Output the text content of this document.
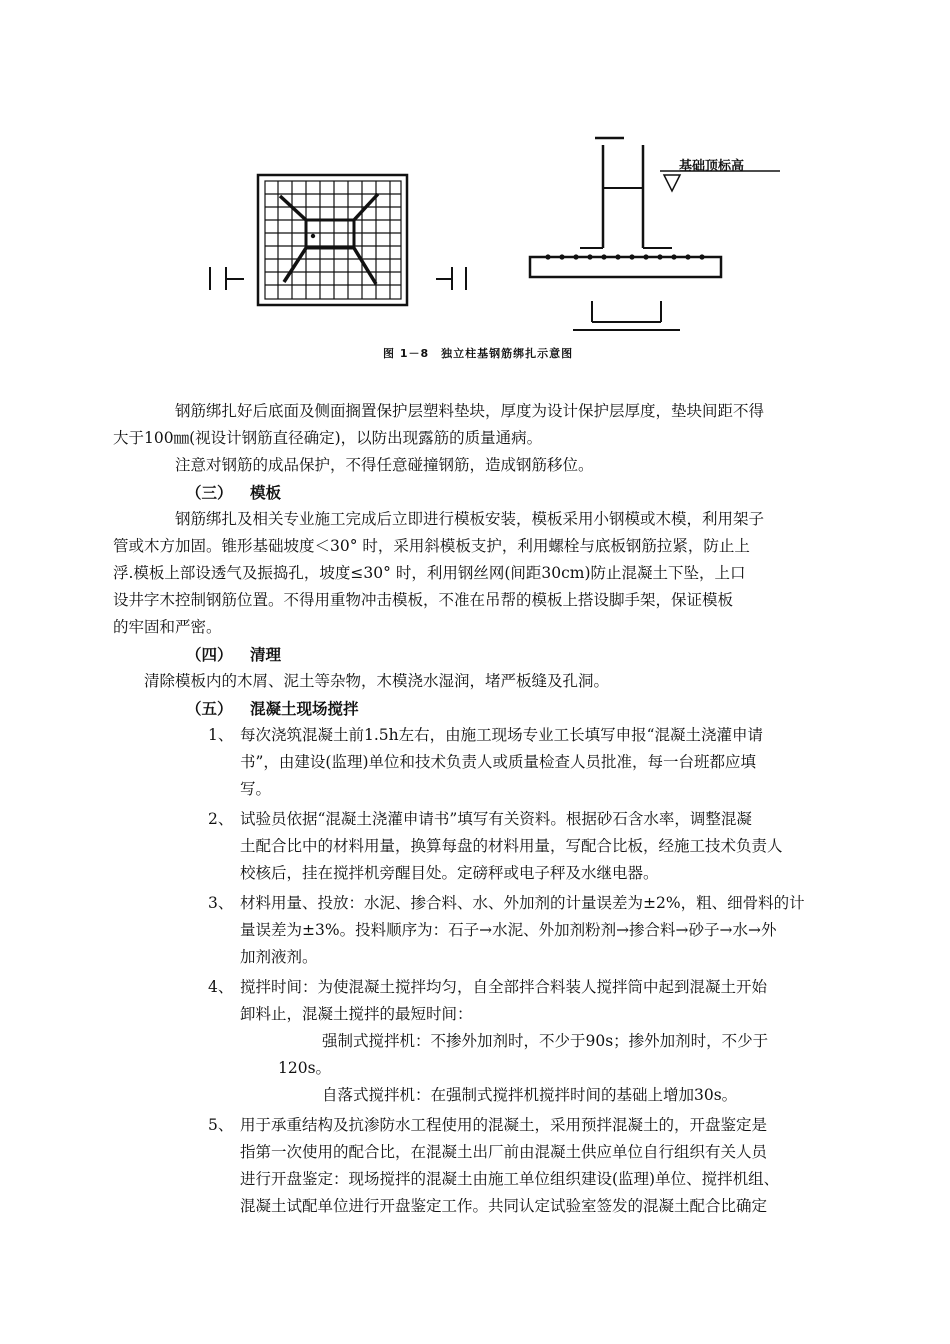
基础顶标高
图 1－8　独立柱基钢筋绑扎示意图

钢筋绑扎好后底面及侧面搁置保护层塑料垫块，厚度为设计保护层厚度，垫块间距不得

大于100㎜(视设计钢筋直径确定)，以防出现露筋的质量通病。

注意对钢筋的成品保护，不得任意碰撞钢筋，造成钢筋移位。

（三） 模板

钢筋绑扎及相关专业施工完成后立即进行模板安装，模板采用小钢模或木模，利用架子

管或木方加固。锥形基础坡度＜30° 时，采用斜模板支护，利用螺栓与底板钢筋拉紧，防止上

浮.模板上部设透气及振捣孔，坡度≤30° 时，利用钢丝网(间距30cm)防止混凝土下坠，上口

设井字木控制钢筋位置。不得用重物冲击模板，不准在吊帮的模板上搭设脚手架，保证模板

的牢固和严密。

（四） 清理

清除模板内的木屑、泥土等杂物，木模浇水湿润，堵严板缝及孔洞。

（五） 混凝土现场搅拌

1、 每次浇筑混凝土前1.5h左右，由施工现场专业工长填写申报“混凝土浇灌申请
书”，由建设(监理)单位和技术负责人或质量检查人员批准，每一台班都应填
写。
2、 试验员依据“混凝土浇灌申请书”填写有关资料。根据砂石含水率，调整混凝
土配合比中的材料用量，换算每盘的材料用量，写配合比板，经施工技术负责人
校核后，挂在搅拌机旁醒目处。定磅秤或电子秤及水继电器。
3、 材料用量、投放：水泥、掺合料、水、外加剂的计量误差为±2%，粗、细骨料的计
量误差为±3%。投料顺序为：石子→水泥、外加剂粉剂→掺合料→砂子→水→外
加剂液剂。
4、 搅拌时间：为使混凝土搅拌均匀，自全部拌合料装人搅拌筒中起到混凝土开始
卸料止，混凝土搅拌的最短时间：

强制式搅拌机：不掺外加剂时，不少于90s；掺外加剂时，不少于

120s。

自落式搅拌机：在强制式搅拌机搅拌时间的基础上增加30s。

5、 用于承重结构及抗渗防水工程使用的混凝土，采用预拌混凝土的，开盘鉴定是
指第一次使用的配合比，在混凝土出厂前由混凝土供应单位自行组织有关人员
进行开盘鉴定：现场搅拌的混凝土由施工单位组织建设(监理)单位、搅拌机组、
混凝土试配单位进行开盘鉴定工作。共同认定试验室签发的混凝土配合比确定
